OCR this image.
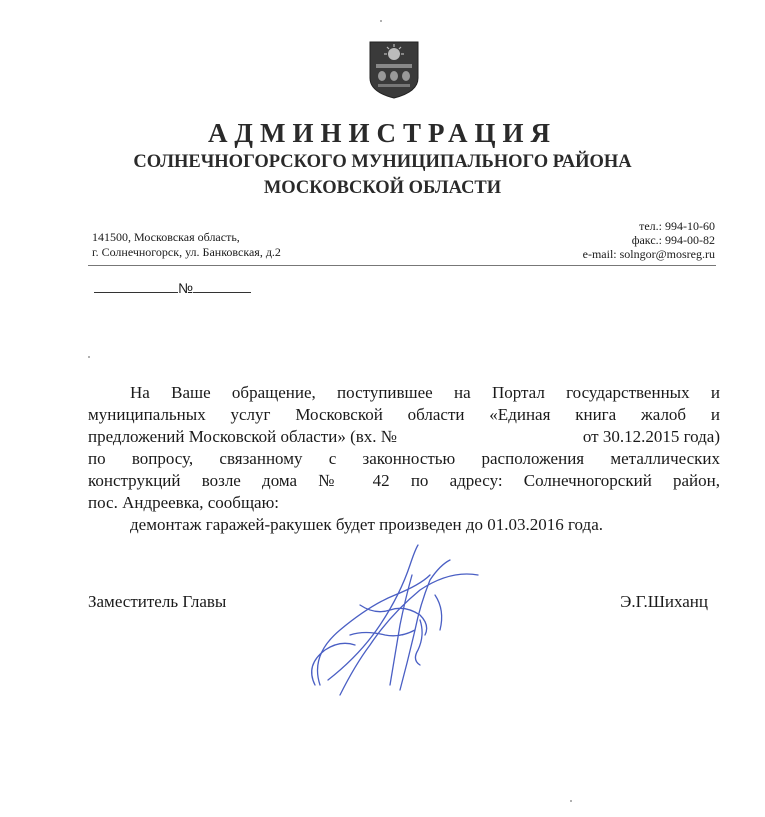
АДМИНИСТРАЦИЯ
СОЛНЕЧНОГОРСКОГО МУНИЦИПАЛЬНОГО РАЙОНА
МОСКОВСКОЙ ОБЛАСТИ
141500, Московская область,
г. Солнечногорск, ул. Банковская, д.2
тел.: 994-10-60
факс.: 994-00-82
e-mail: solngor@mosreg.ru
№
На Ваше обращение, поступившее на Портал государственных и
муниципальных услуг Московской области «Единая книга жалоб и
предложений Московской области» (вх. №	от 30.12.2015 года)
по вопросу, связанному с законностью расположения металлических
конструкций возле дома № 42 по адресу: Солнечногорский район,
пос. Андреевка, сообщаю:
демонтаж гаражей-ракушек будет произведен до 01.03.2016 года.
Заместитель Главы	Э.Г.Шиханц
